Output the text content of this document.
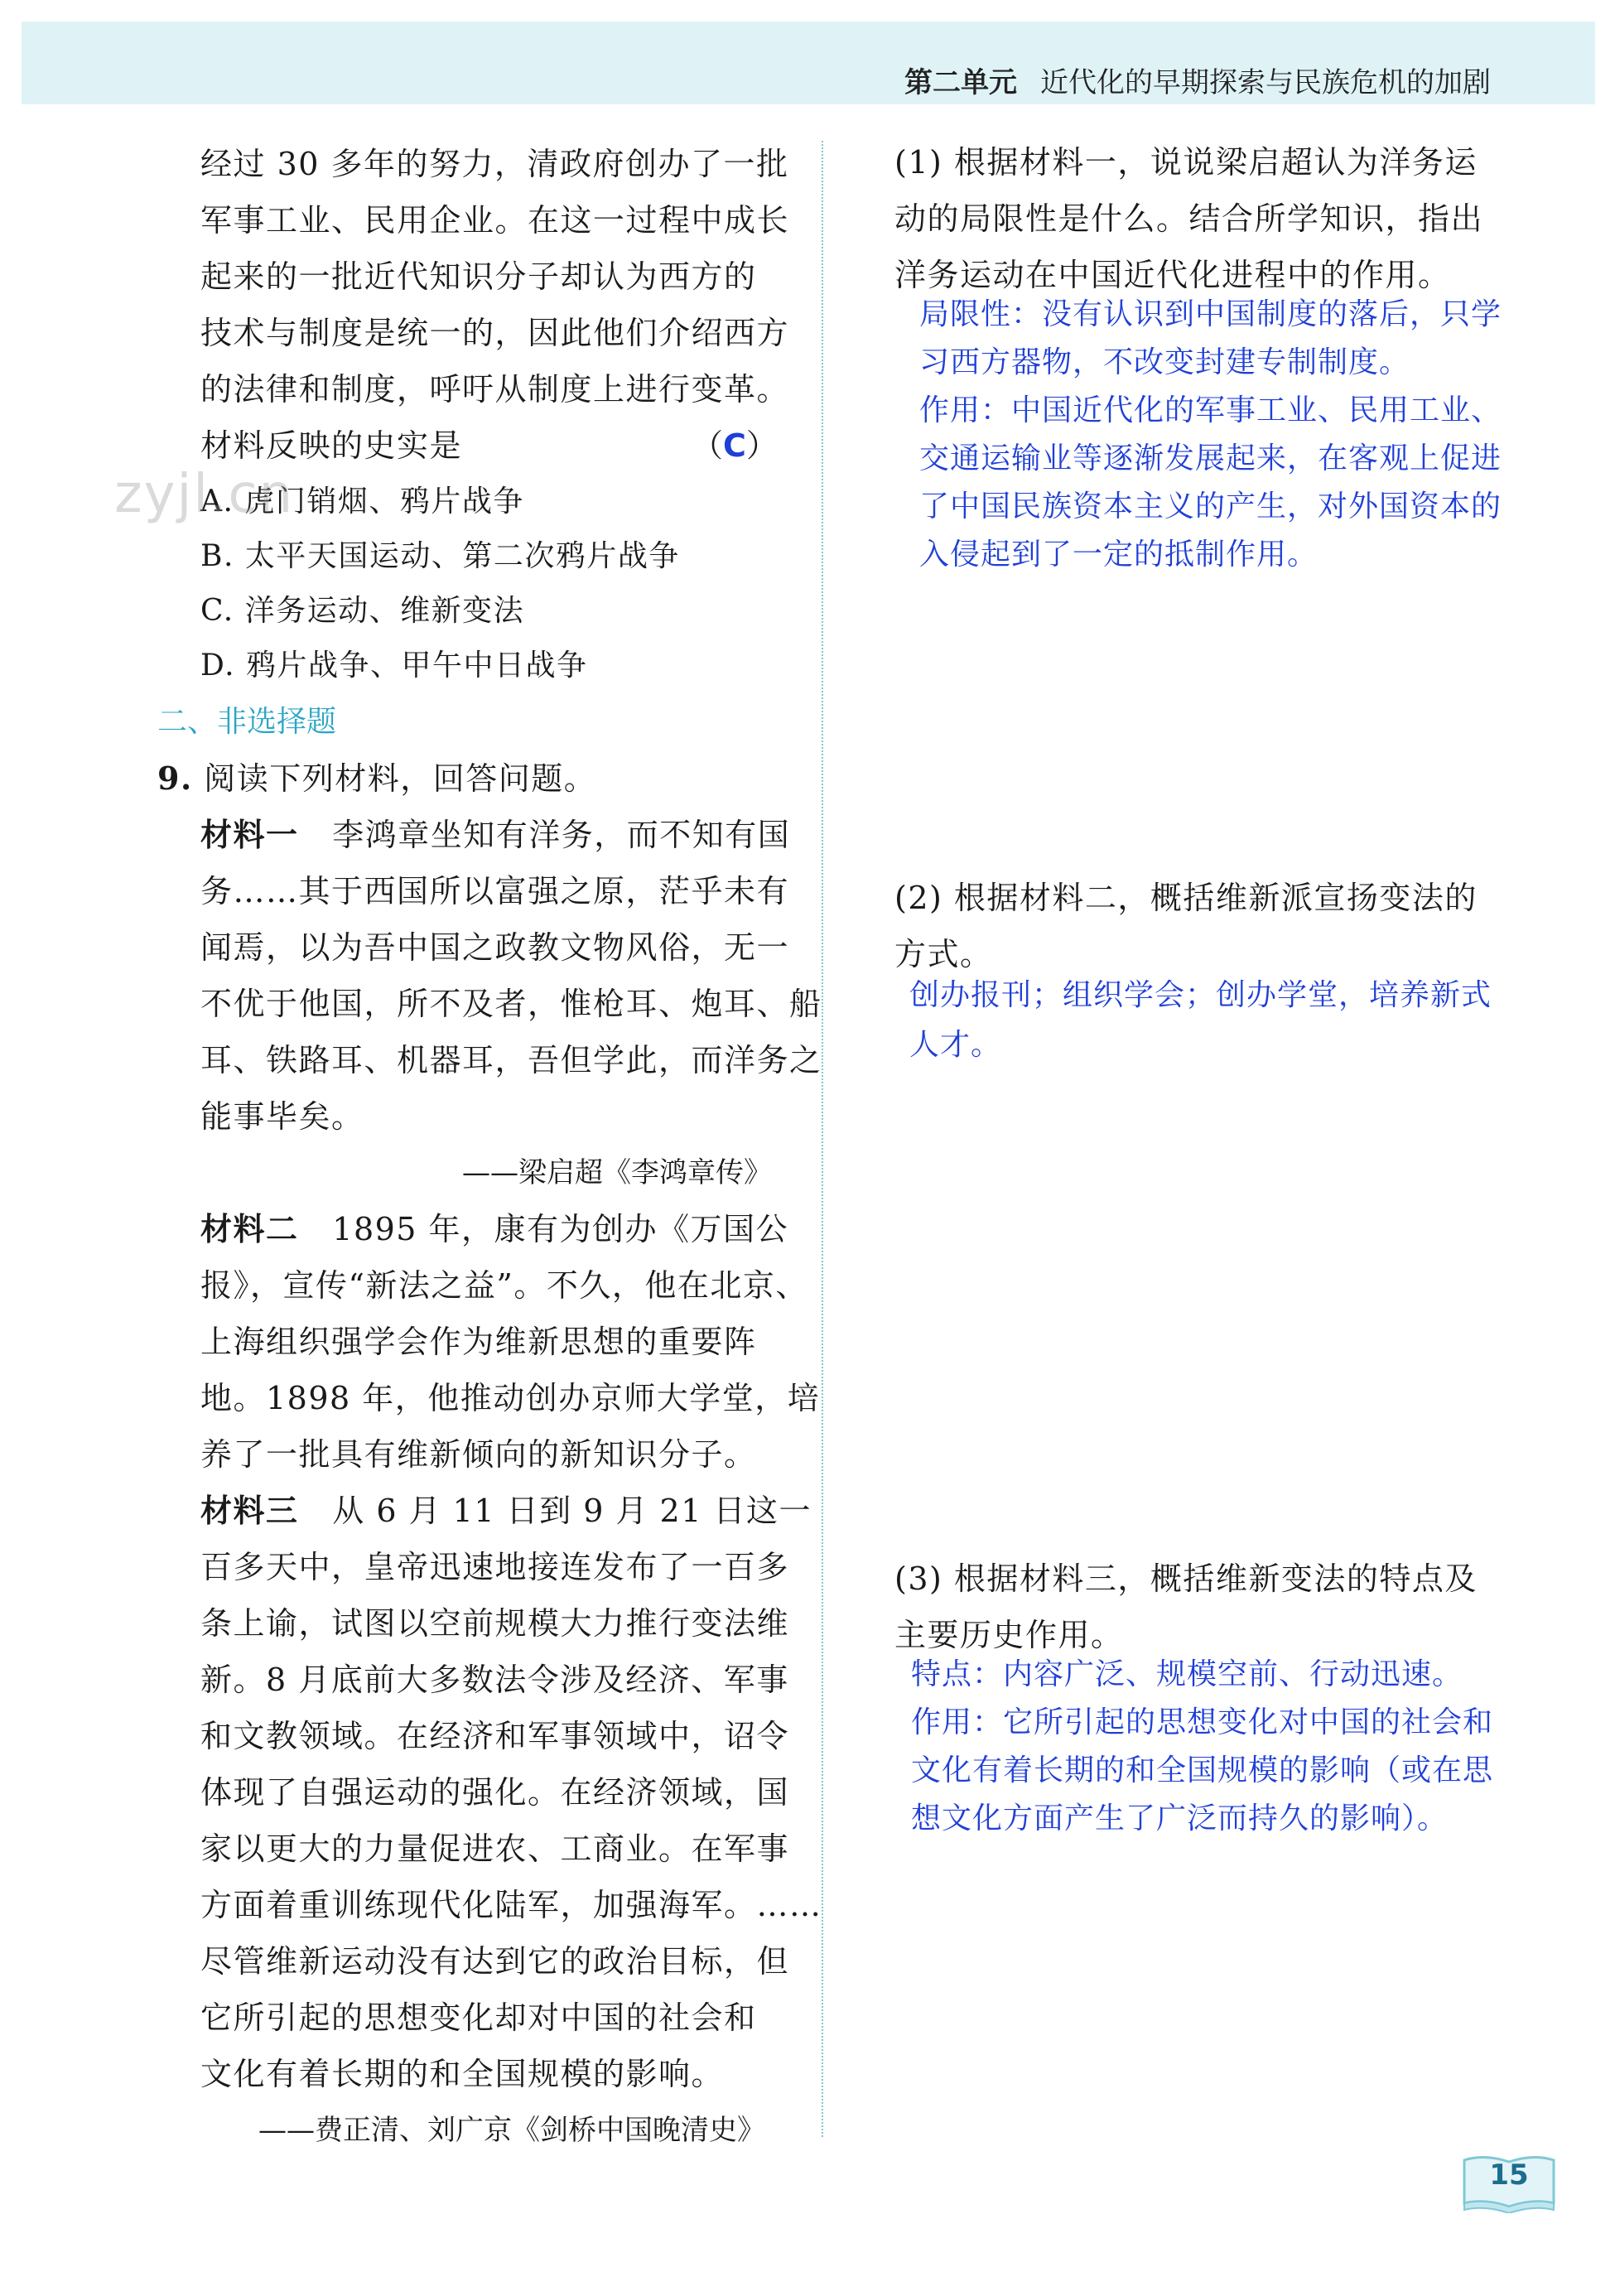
第二单元 近代化的早期探索与民族危机的加剧
经过 30 多年的努力，清政府创办了一批
军事工业、民用企业。在这一过程中成长
起来的一批近代知识分子却认为西方的
技术与制度是统一的，因此他们介绍西方
的法律和制度，呼吁从制度上进行变革。
材料反映的史实是	（C）
A. 虎门销烟、鸦片战争
B. 太平天国运动、第二次鸦片战争
C. 洋务运动、维新变法
D. 鸦片战争、甲午中日战争
zyjl.cn
二、非选择题
9. 阅读下列材料，回答问题。
材料一 李鸿章坐知有洋务，而不知有国
务……其于西国所以富强之原，茫乎未有
闻焉，以为吾中国之政教文物风俗，无一
不优于他国，所不及者，惟枪耳、炮耳、船
耳、铁路耳、机器耳，吾但学此，而洋务之
能事毕矣。
——梁启超《李鸿章传》
材料二 1895 年，康有为创办《万国公
报》，宣传“新法之益”。不久，他在北京、
上海组织强学会作为维新思想的重要阵
地。1898 年，他推动创办京师大学堂，培
养了一批具有维新倾向的新知识分子。
材料三 从 6 月 11 日到 9 月 21 日这一
百多天中，皇帝迅速地接连发布了一百多
条上谕，试图以空前规模大力推行变法维
新。8 月底前大多数法令涉及经济、军事
和文教领域。在经济和军事领域中，诏令
体现了自强运动的强化。在经济领域，国
家以更大的力量促进农、工商业。在军事
方面着重训练现代化陆军，加强海军。……
尽管维新运动没有达到它的政治目标，但
它所引起的思想变化却对中国的社会和
文化有着长期的和全国规模的影响。
——费正清、刘广京《剑桥中国晚清史》
(1) 根据材料一，说说梁启超认为洋务运
动的局限性是什么。结合所学知识，指出
洋务运动在中国近代化进程中的作用。
局限性：没有认识到中国制度的落后，只学
习西方器物，不改变封建专制制度。
作用：中国近代化的军事工业、民用工业、
交通运输业等逐渐发展起来，在客观上促进
了中国民族资本主义的产生，对外国资本的
入侵起到了一定的抵制作用。
(2) 根据材料二，概括维新派宣扬变法的
方式。
创办报刊；组织学会；创办学堂，培养新式
人才。
(3) 根据材料三，概括维新变法的特点及
主要历史作用。
特点：内容广泛、规模空前、行动迅速。
作用：它所引起的思想变化对中国的社会和
文化有着长期的和全国规模的影响（或在思
想文化方面产生了广泛而持久的影响）。
15
